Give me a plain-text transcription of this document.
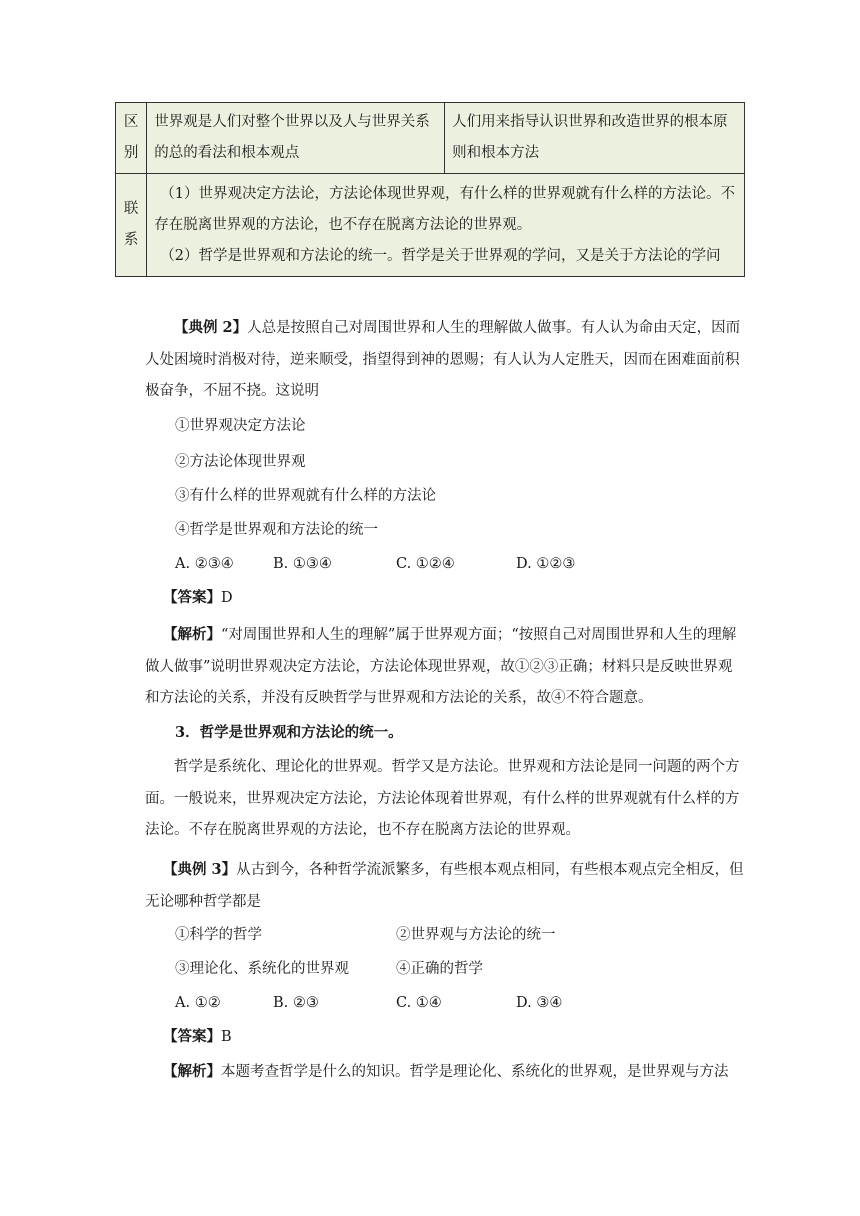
区别	世界观是人们对整个世界以及人与世界关系的总的看法和根本观点	人们用来指导认识世界和改造世界的根本原则和根本方法
联系	（1）世界观决定方法论，方法论体现世界观，有什么样的世界观就有什么样的方法论。不存在脱离世界观的方法论，也不存在脱离方法论的世界观。
（2）哲学是世界观和方法论的统一。哲学是关于世界观的学问，又是关于方法论的学问	
【典例 2】人总是按照自己对周围世界和人生的理解做人做事。有人认为命由天定，因而人处困境时消极对待，逆来顺受，指望得到神的恩赐；有人认为人定胜天，因而在困难面前积极奋争，不屈不挠。这说明
①世界观决定方法论
②方法论体现世界观
③有什么样的世界观就有什么样的方法论
④哲学是世界观和方法论的统一
A. ②③④	B. ①③④	C. ①②④	D. ①②③
【答案】D
【解析】“对周围世界和人生的理解”属于世界观方面；“按照自己对周围世界和人生的理解做人做事”说明世界观决定方法论，方法论体现世界观，故①②③正确；材料只是反映世界观和方法论的关系，并没有反映哲学与世界观和方法论的关系，故④不符合题意。
3．哲学是世界观和方法论的统一。
哲学是系统化、理论化的世界观。哲学又是方法论。世界观和方法论是同一问题的两个方面。一般说来，世界观决定方法论，方法论体现着世界观，有什么样的世界观就有什么样的方法论。不存在脱离世界观的方法论，也不存在脱离方法论的世界观。
【典例 3】从古到今，各种哲学流派繁多，有些根本观点相同，有些根本观点完全相反，但无论哪种哲学都是
①科学的哲学	②世界观与方法论的统一
③理论化、系统化的世界观	④正确的哲学
A. ①②	B. ②③	C. ①④	D. ③④
【答案】B
【解析】本题考查哲学是什么的知识。哲学是理论化、系统化的世界观，是世界观与方法
